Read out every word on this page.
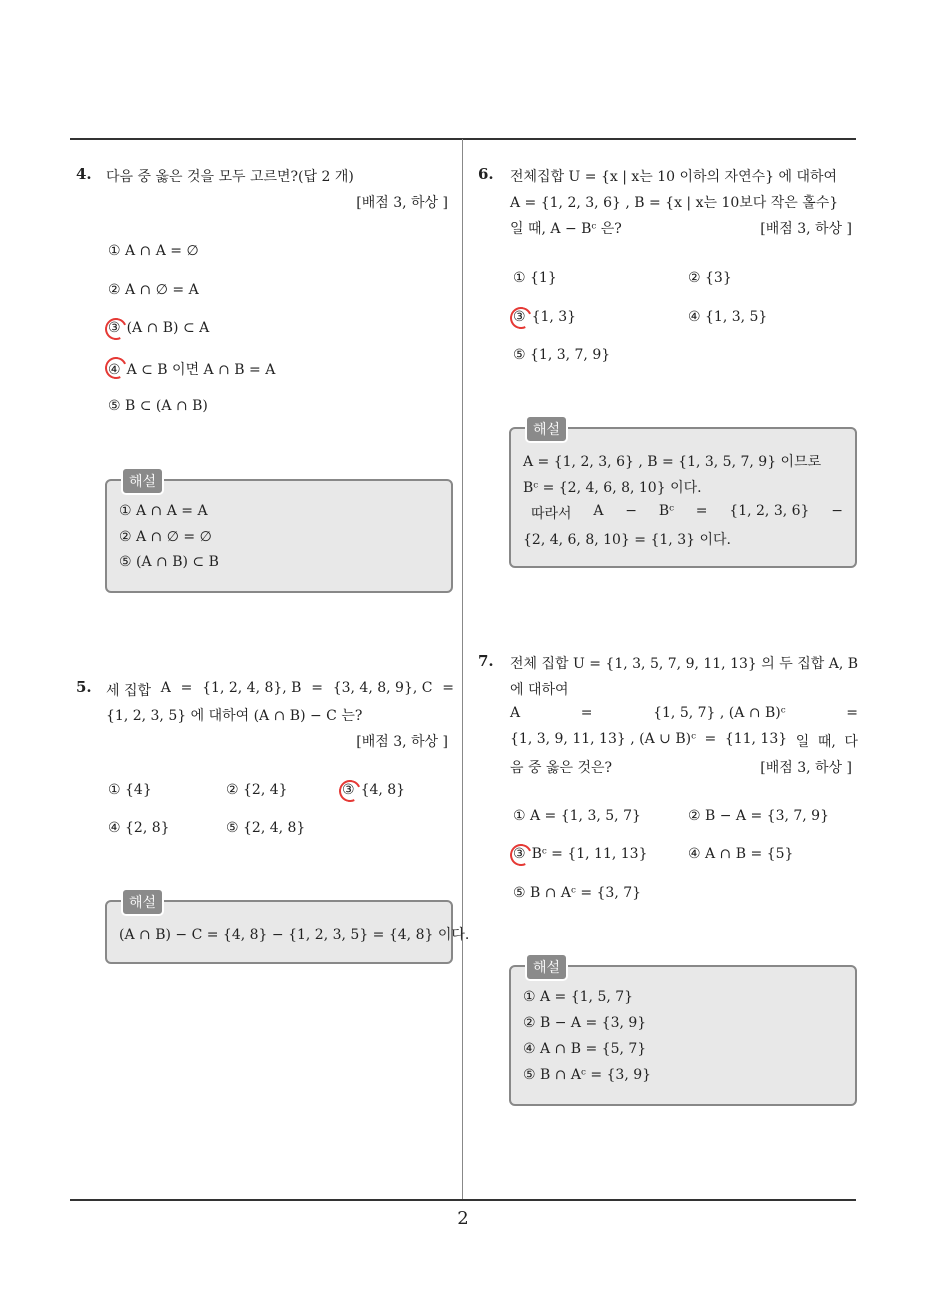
4. 다음 중 옳은 것을 모두 고르면?(답 2 개)
[배점 3, 하상 ]
① A ∩ A = ∅
② A ∩ ∅ = A
③ (A ∩ B) ⊂ A
④ A ⊂ B 이면 A ∩ B = A
⑤ B ⊂ (A ∩ B)
해설
① A ∩ A = A
② A ∩ ∅ = ∅
⑤ (A ∩ B) ⊂ B
5. 세 집합 A = {1, 2, 4, 8}, B = {3, 4, 8, 9}, C =
{1, 2, 3, 5} 에 대하여 (A ∩ B) − C 는?
[배점 3, 하상 ]
① {4}	② {2, 4}	③ {4, 8}
④ {2, 8}	⑤ {2, 4, 8}
해설
(A ∩ B) − C = {4, 8} − {1, 2, 3, 5} = {4, 8} 이다.
6. 전체집합 U = {x | x는 10 이하의 자연수} 에 대하여
A = {1, 2, 3, 6} , B = {x | x는 10보다 작은 홀수}
일 때, A − Bᶜ 은?	[배점 3, 하상 ]
① {1}	② {3}
③ {1, 3}	④ {1, 3, 5}
⑤ {1, 3, 7, 9}
해설
A = {1, 2, 3, 6} , B = {1, 3, 5, 7, 9} 이므로
Bᶜ = {2, 4, 6, 8, 10} 이다.
따라서 A − Bᶜ = {1, 2, 3, 6} −
{2, 4, 6, 8, 10} = {1, 3} 이다.
7. 전체 집합 U = {1, 3, 5, 7, 9, 11, 13} 의 두 집합 A, B
에 대하여
A	=	{1, 5, 7} , (A ∩ B)ᶜ	=
{1, 3, 9, 11, 13} , (A ∪ B)ᶜ = {11, 13} 일 때, 다
음 중 옳은 것은?	[배점 3, 하상 ]
① A = {1, 3, 5, 7}	② B − A = {3, 7, 9}
③ Bᶜ = {1, 11, 13}	④ A ∩ B = {5}
⑤ B ∩ Aᶜ = {3, 7}
해설
① A = {1, 5, 7}
② B − A = {3, 9}
④ A ∩ B = {5, 7}
⑤ B ∩ Aᶜ = {3, 9}
2
